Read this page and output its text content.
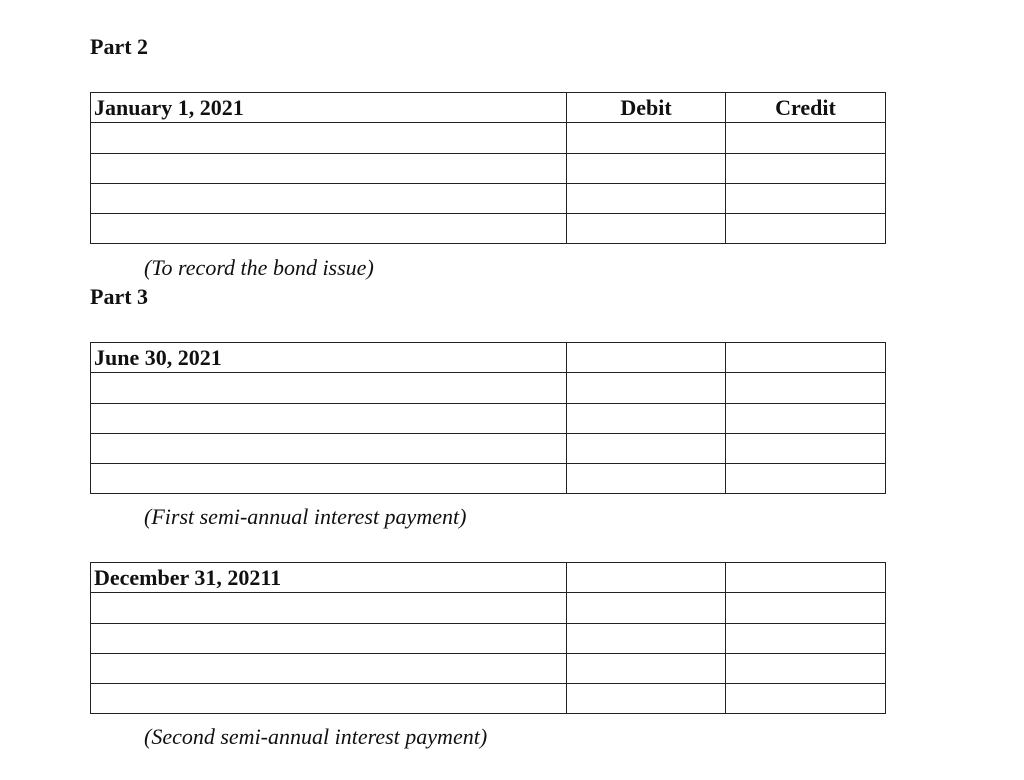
Part 2
January 1, 2021	Debit	Credit

(To record the bond issue)

Part 3
June 30, 2021		

(First semi-annual interest payment)

December 31, 20211		

(Second semi-annual interest payment)
